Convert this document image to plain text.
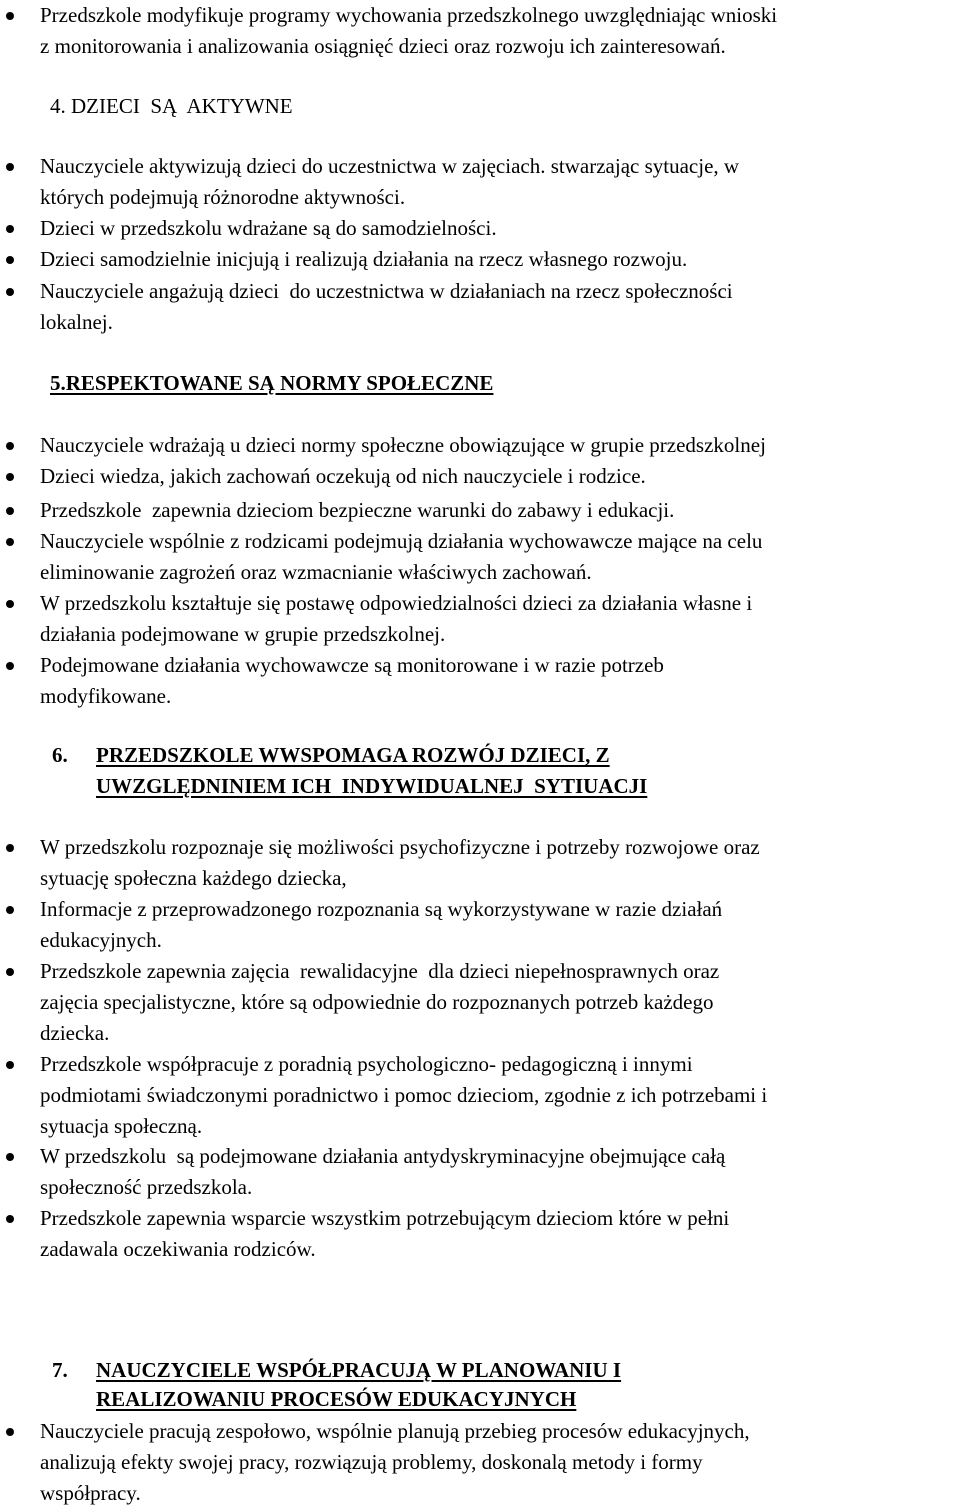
Przedszkole modyfikuje programy wychowania przedszkolnego uwzględniając wnioski
z monitorowania i analizowania osiągnięć dzieci oraz rozwoju ich zainteresowań.
4. DZIECI  SĄ  AKTYWNE
Nauczyciele aktywizują dzieci do uczestnictwa w zajęciach. stwarzając sytuacje, w
których podejmują różnorodne aktywności.
Dzieci w przedszkolu wdrażane są do samodzielności.
Dzieci samodzielnie inicjują i realizują działania na rzecz własnego rozwoju.
Nauczyciele angażują dzieci  do uczestnictwa w działaniach na rzecz społeczności
lokalnej.
5.RESPEKTOWANE SĄ NORMY SPOŁECZNE
Nauczyciele wdrażają u dzieci normy społeczne obowiązujące w grupie przedszkolnej
Dzieci wiedza, jakich zachowań oczekują od nich nauczyciele i rodzice.
Przedszkole  zapewnia dzieciom bezpieczne warunki do zabawy i edukacji.
Nauczyciele wspólnie z rodzicami podejmują działania wychowawcze mające na celu
eliminowanie zagrożeń oraz wzmacnianie właściwych zachowań.
W przedszkolu kształtuje się postawę odpowiedzialności dzieci za działania własne i
działania podejmowane w grupie przedszkolnej.
Podejmowane działania wychowawcze są monitorowane i w razie potrzeb
modyfikowane.
6. PRZEDSZKOLE WWSPOMAGA ROZWÓJ DZIECI, Z
UWZGLĘDNINIEM ICH  INDYWIDUALNEJ  SYTIUACJI
W przedszkolu rozpoznaje się możliwości psychofizyczne i potrzeby rozwojowe oraz
sytuację społeczna każdego dziecka,
Informacje z przeprowadzonego rozpoznania są wykorzystywane w razie działań
edukacyjnych.
Przedszkole zapewnia zajęcia  rewalidacyjne  dla dzieci niepełnosprawnych oraz
zajęcia specjalistyczne, które są odpowiednie do rozpoznanych potrzeb każdego
dziecka.
Przedszkole współpracuje z poradnią psychologiczno- pedagogiczną i innymi
podmiotami świadczonymi poradnictwo i pomoc dzieciom, zgodnie z ich potrzebami i
sytuacja społeczną.
W przedszkolu  są podejmowane działania antydyskryminacyjne obejmujące całą
społeczność przedszkola.
Przedszkole zapewnia wsparcie wszystkim potrzebującym dzieciom które w pełni
zadawala oczekiwania rodziców.
7. NAUCZYCIELE WSPÓŁPRACUJĄ W PLANOWANIU I
REALIZOWANIU PROCESÓW EDUKACYJNYCH
Nauczyciele pracują zespołowo, wspólnie planują przebieg procesów edukacyjnych,
analizują efekty swojej pracy, rozwiązują problemy, doskonalą metody i formy
współpracy.
